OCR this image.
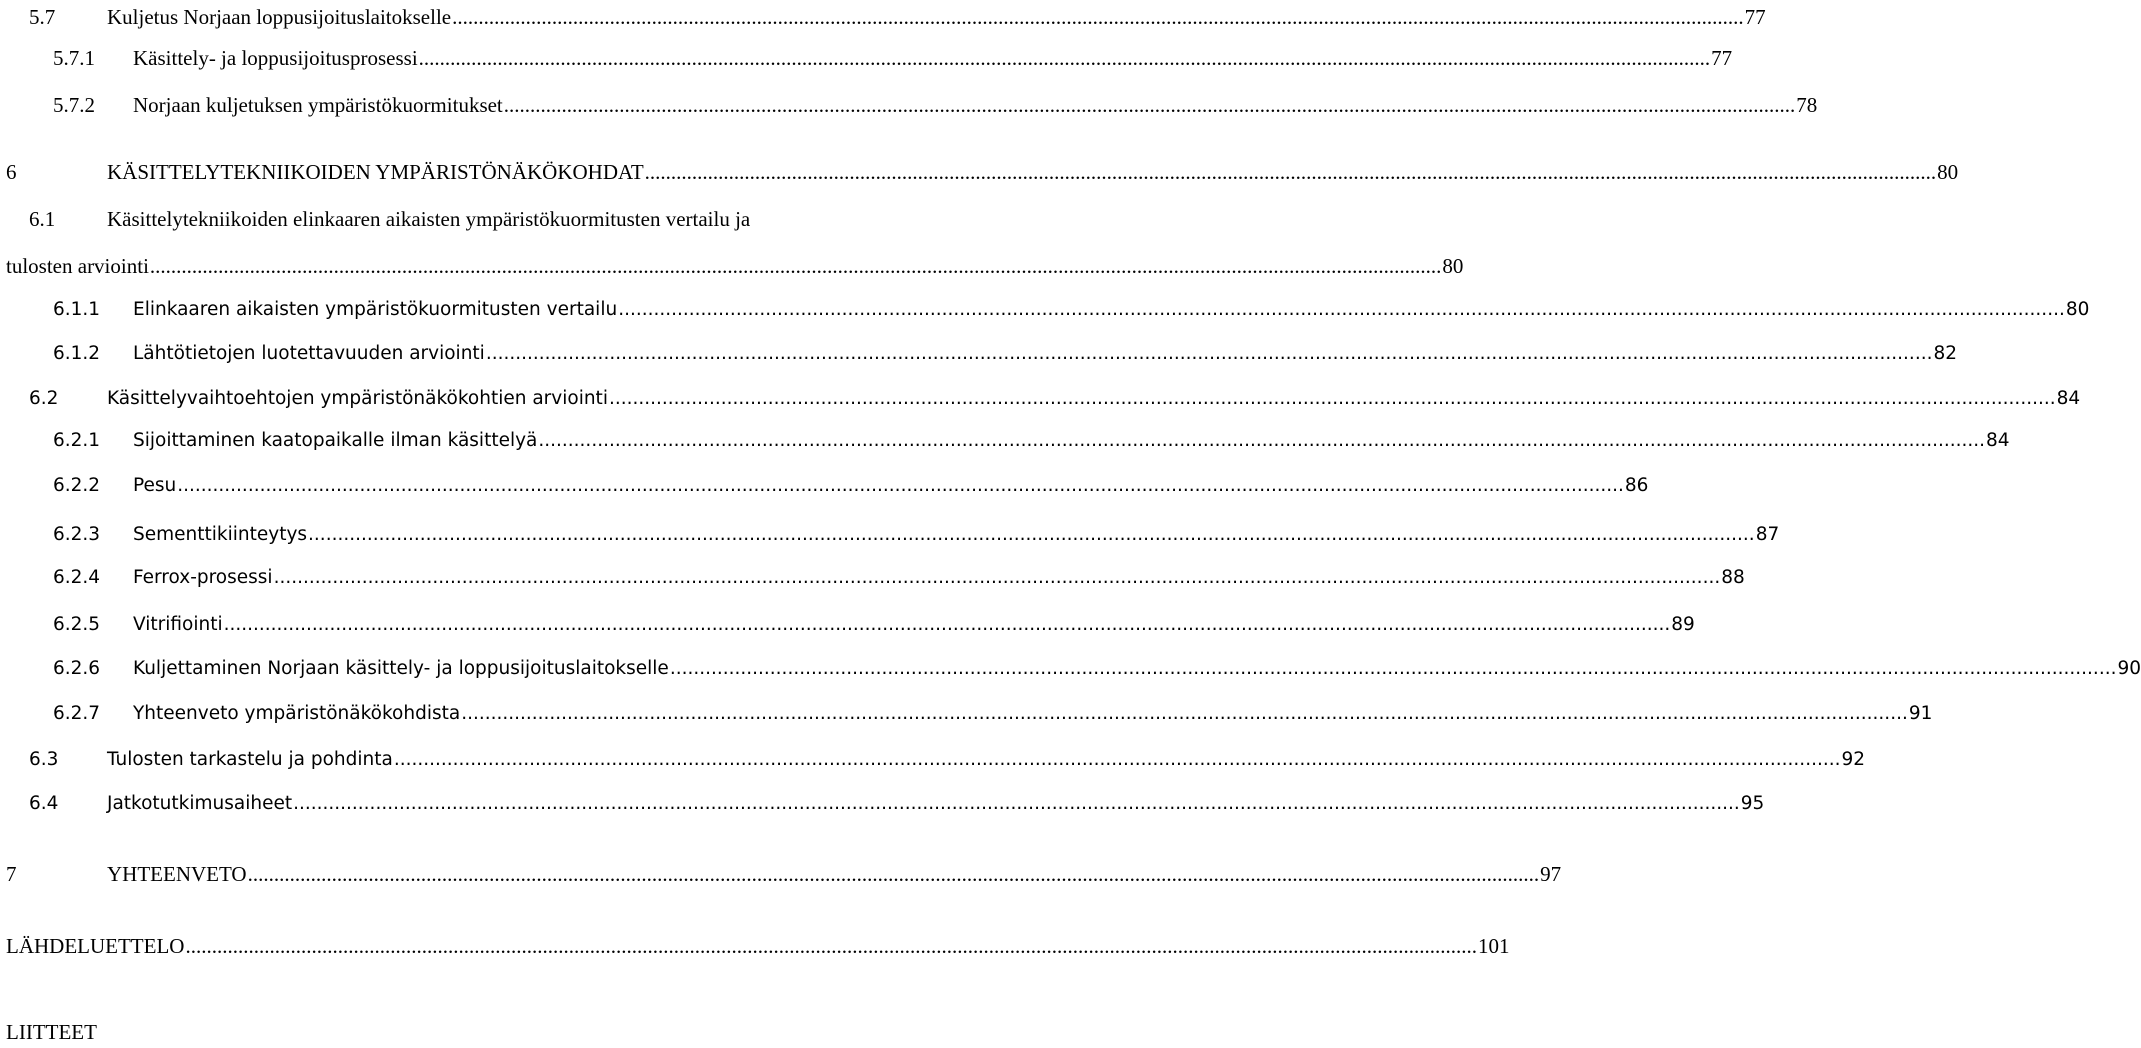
5.7 Kuljetus Norjaan loppusijoituslaitokselle ...................................................................................................................................................................................................................................................... 77
5.7.1 Käsittely- ja loppusijoitusprosessi ...................................................................................................................................................................................................................................................... 77
5.7.2 Norjaan kuljetuksen ympäristökuormitukset ...................................................................................................................................................................................................................................................... 78
6	KÄSITTELYTEKNIIKOIDEN YMPÄRISTÖNÄKÖKOHDAT ...................................................................................................................................................................................................................................................... 80
6.1 Käsittelytekniikoiden elinkaaren aikaisten ympäristökuormitusten vertailu ja
tulosten arviointi ...................................................................................................................................................................................................................................................... 80
6.1.1 Elinkaaren aikaisten ympäristökuormitusten vertailu ...................................................................................................................................................................................................................................................... 80
6.1.2 Lähtötietojen luotettavuuden arviointi ...................................................................................................................................................................................................................................................... 82
6.2	Käsittelyvaihtoehtojen ympäristönäkökohtien arviointi ...................................................................................................................................................................................................................................................... 84
6.2.1 Sijoittaminen kaatopaikalle ilman käsittelyä ...................................................................................................................................................................................................................................................... 84
6.2.2 Pesu ...................................................................................................................................................................................................................................................... 86
6.2.3 Sementtikiinteytys ...................................................................................................................................................................................................................................................... 87
6.2.4 Ferrox-prosessi ...................................................................................................................................................................................................................................................... 88
6.2.5 Vitrifiointi ...................................................................................................................................................................................................................................................... 89
6.2.6 Kuljettaminen Norjaan käsittely- ja loppusijoituslaitokselle ...................................................................................................................................................................................................................................................... 90
6.2.7 Yhteenveto ympäristönäkökohdista ...................................................................................................................................................................................................................................................... 91
6.3	Tulosten tarkastelu ja pohdinta ...................................................................................................................................................................................................................................................... 92
6.4	Jatkotutkimusaiheet ...................................................................................................................................................................................................................................................... 95
7	YHTEENVETO ...................................................................................................................................................................................................................................................... 97
LÄHDELUETTELO ...................................................................................................................................................................................................................................................... 101
LIITTEET
